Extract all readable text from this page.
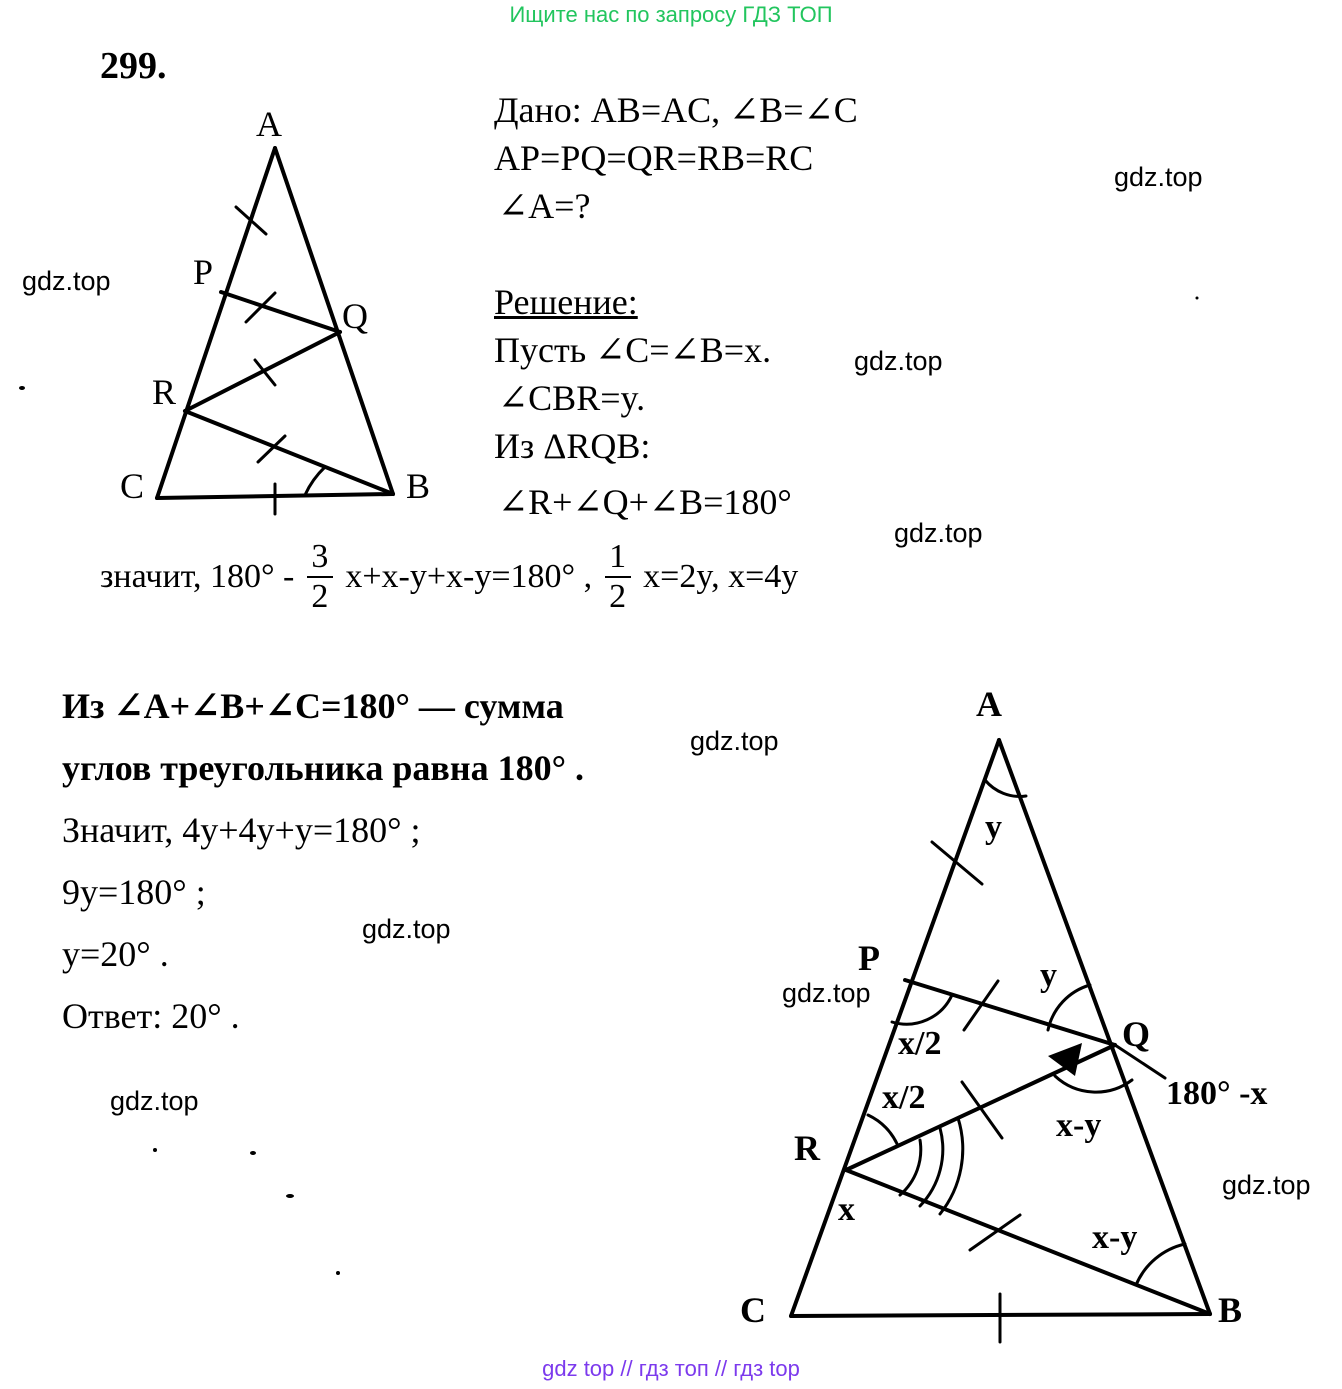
Ищите нас по запросу ГДЗ ТОП
gdz top // гдз топ // гдз top
299.
Дано: AB=AC, ∠B=∠C
AP=PQ=QR=RB=RC
∠A=?
Решение:
Пусть ∠C=∠B=x.
∠CBR=y.
Из ΔRQB:
∠R+∠Q+∠B=180°
значит, $180^\circ - \frac{3}{2} x+x-y+x-y=180^\circ$ , $\frac{1}{2} x=2y$, x=4y
Из ∠A+∠B+∠C=180° — сумма
углов треугольника равна 180° .
Значит, 4y+4y+y=180° ;
9y=180° ;
y=20° .
Ответ: 20° .
gdz.top
gdz.top
gdz.top
gdz.top
gdz.top
gdz.top
gdz.top
gdz.top
gdz.top
A
P
Q
R
C	B
A
P
Q
R
C	B
y
y
x/2
x/2
x-y
x
x-y
180° -x
